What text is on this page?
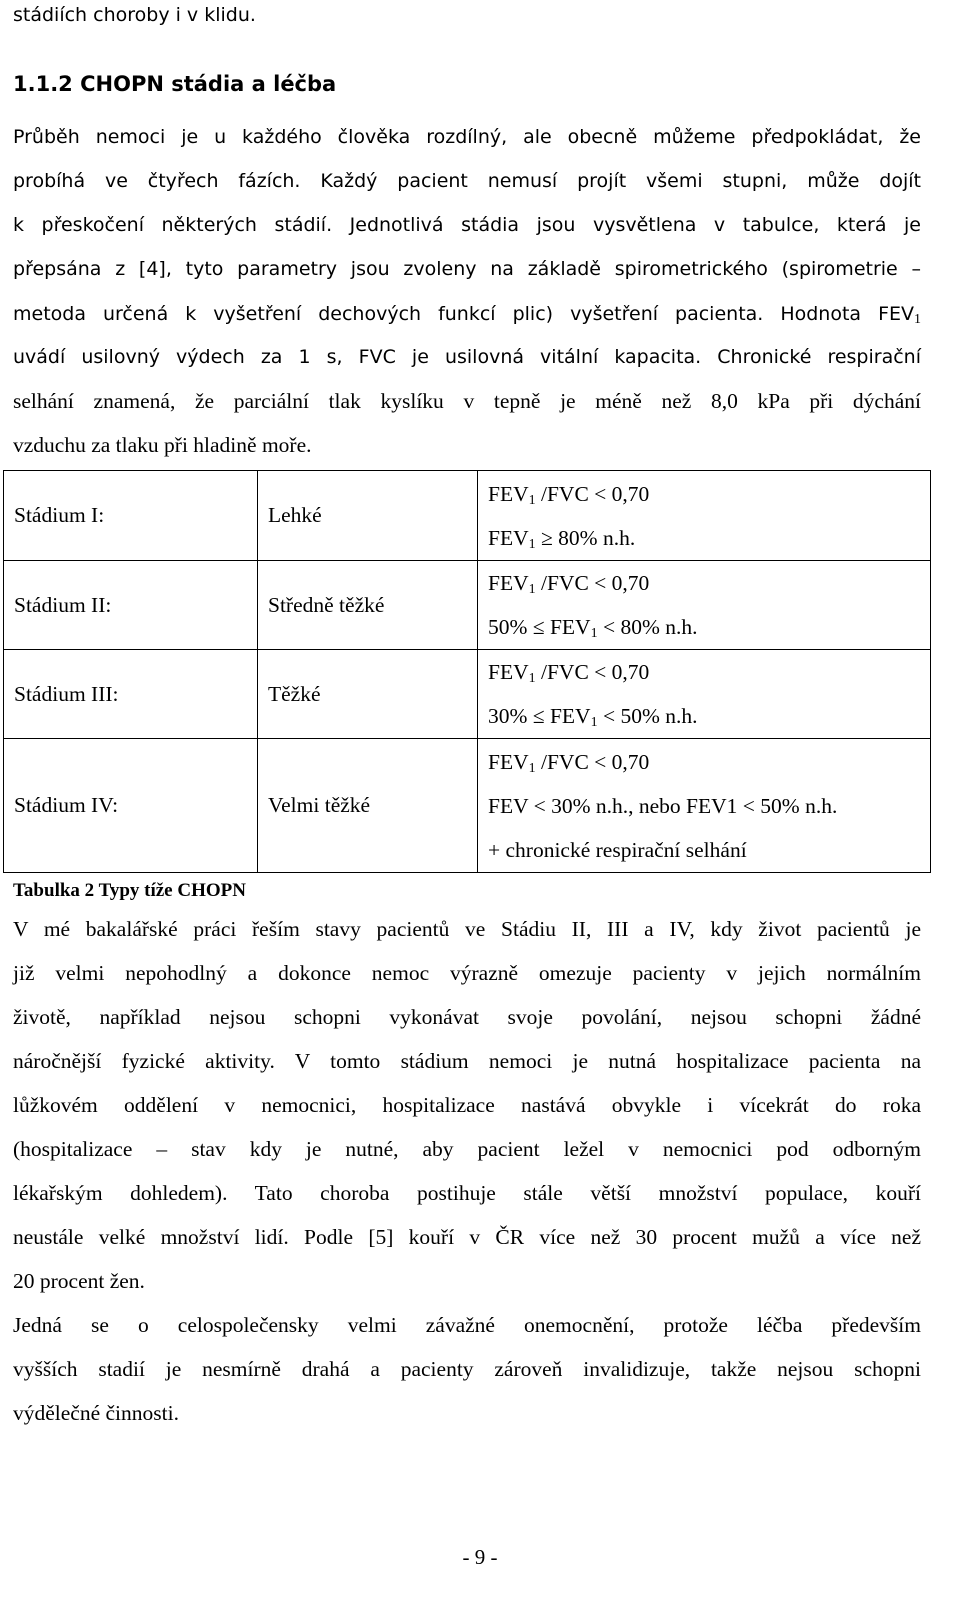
stádiích choroby i v klidu.
1.1.2 CHOPN stádia a léčba
Průběh nemoci je u každého člověka rozdílný, ale obecně můžeme předpokládat, že
probíhá ve čtyřech fázích. Každý pacient nemusí projít všemi stupni, může dojít
k přeskočení některých stádií. Jednotlivá stádia jsou vysvětlena v tabulce, která je
přepsána z [4], tyto parametry jsou zvoleny na základě spirometrického (spirometrie –
metoda určená k vyšetření dechových funkcí plic) vyšetření pacienta. Hodnota $FEV_1$
uvádí usilovný výdech za 1 s, FVC je usilovná vitální kapacita. Chronické respirační
selhání znamená, že parciální tlak kyslíku v tepně je méně než 8,0 kPa při dýchání
vzduchu za tlaku při hladině moře.
Stádium I:	Lehké	$FEV_1$ /FVC < 0,70
$FEV_1 \ge 80\%$ n.h.

Stádium II:	Středně těžké	$FEV_1$ /FVC < 0,70
$50\% \le FEV_1 < 80\%$ n.h.

Stádium III:	Těžké	$FEV_1$ /FVC < 0,70
$30\% \le FEV_1 < 50\%$ n.h.

Stádium IV:	Velmi těžké	$FEV_1$ /FVC < 0,70
FEV < 30% n.h., nebo FEV1 < 50% n.h.
+ chronické respirační selhání
Tabulka 2 Typy tíže CHOPN
V mé bakalářské práci řeším stavy pacientů ve Stádiu II, III a IV, kdy život pacientů je
již velmi nepohodlný a dokonce nemoc výrazně omezuje pacienty v jejich normálním
životě, například nejsou schopni vykonávat svoje povolání, nejsou schopni žádné
náročnější fyzické aktivity. V tomto stádium nemoci je nutná hospitalizace pacienta na
lůžkovém oddělení v nemocnici, hospitalizace nastává obvykle i vícekrát do roka
(hospitalizace – stav kdy je nutné, aby pacient ležel v nemocnici pod odborným
lékařským dohledem). Tato choroba postihuje stále větší množství populace, kouří
neustále velké množství lidí. Podle [5] kouří v ČR více než 30 procent mužů a více než
20 procent žen.
Jedná se o celospolečensky velmi závažné onemocnění, protože léčba především
vyšších stadií je nesmírně drahá a pacienty zároveň invalidizuje, takže nejsou schopni
výdělečné činnosti.
- 9 -
